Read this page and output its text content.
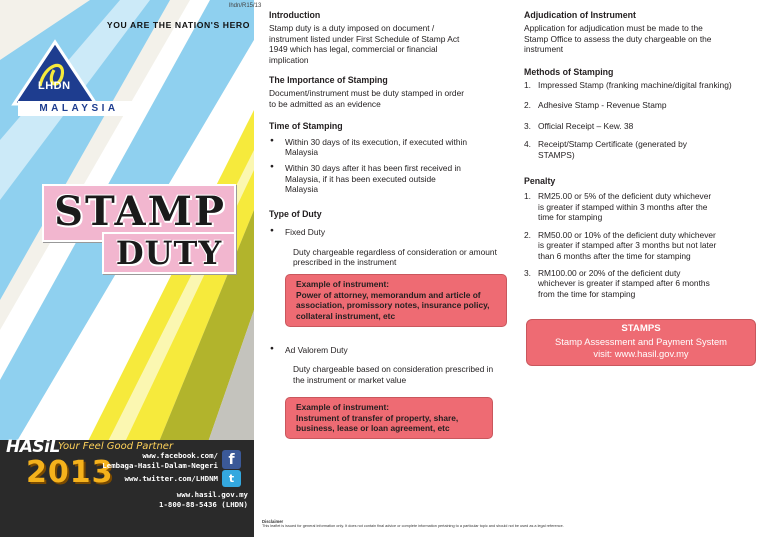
lhdn/R15/13
YOU ARE THE NATION'S HERO
LHDN
MALAYSIA
STAMP
DUTY
HASiL
Your Feel Good Partner
2013	www.facebook.com/
Lembaga-Hasil-Dalam-Negeri f
www.twitter.com/LHDNM t
www.hasil.gov.my
1-800-88-5436 (LHDN)
Introduction
Stamp duty is a duty imposed on document / instrument listed under First Schedule of Stamp Act 1949 which has legal, commercial or financial implication
The Importance of Stamping
Document/instrument must be duty stamped in order to be admitted as an evidence
Time of Stamping
● Within 30 days of its execution, if executed within Malaysia
● Within 30 days after it has been first received in Malaysia, if it has been executed outside Malaysia
Type of Duty
● Fixed Duty
Duty chargeable regardless of consideration or amount prescribed in the instrument
Example of instrument:
Power of attorney, memorandum and article of association, promissory notes, insurance policy, collateral instrument, etc
● Ad Valorem Duty
Duty chargeable based on consideration prescribed in the instrument or market value
Example of instrument:
Instrument of transfer of property, share, business, lease or loan agreement, etc
Adjudication of Instrument
Application for adjudication must be made to the Stamp Office to assess the duty chargeable on the instrument
Methods of Stamping
1. Impressed Stamp (franking machine/digital franking)
2. Adhesive Stamp - Revenue Stamp
3. Official Receipt – Kew. 38
4. Receipt/Stamp Certificate (generated by STAMPS)
Penalty
1. RM25.00 or 5% of the deficient duty whichever is greater if stamped within 3 months after the time for stamping
2. RM50.00 or 10% of the deficient duty whichever is greater if stamped after 3 months but not later than 6 months after the time for stamping
3. RM100.00 or 20% of the deficient duty whichever is greater if stamped after 6 months from the time for stamping
STAMPS
Stamp Assessment and Payment System
visit: www.hasil.gov.my
Disclaimer
This leaflet is issued for general information only. It does not contain final advice or complete information pertaining to a particular topic and should not be used as a legal reference.
